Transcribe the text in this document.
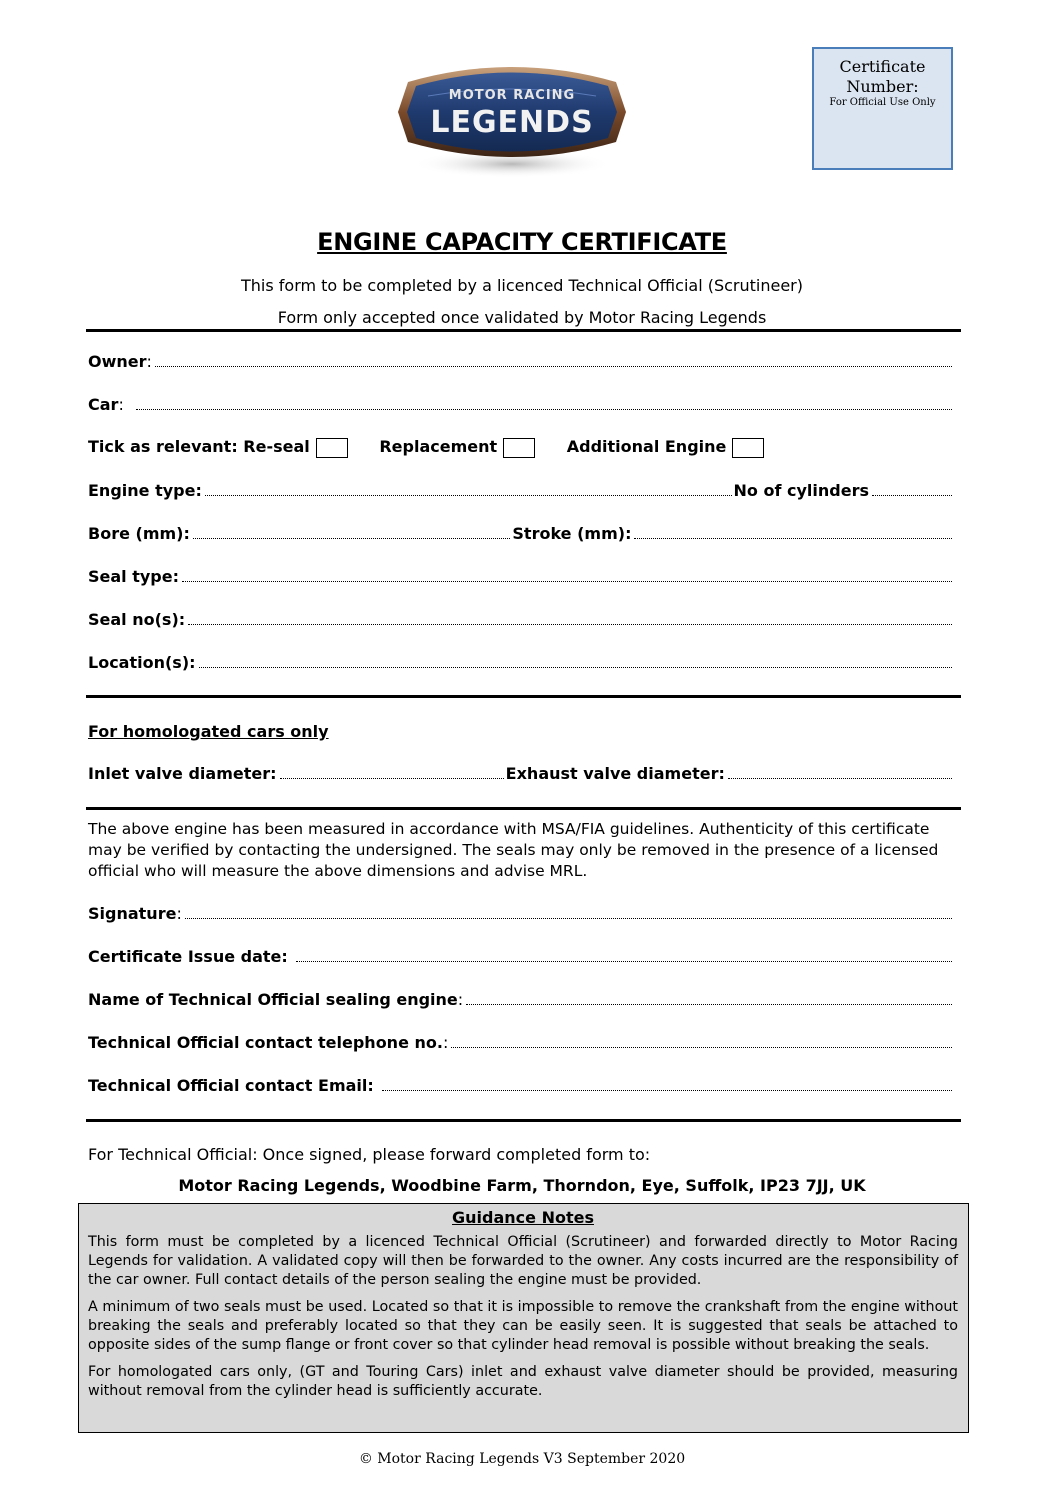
MOTOR RACING
LEGENDS
Certificate
Number:
For Official Use Only
ENGINE CAPACITY CERTIFICATE
This form to be completed by a licenced Technical Official (Scrutineer)
Form only accepted once validated by Motor Racing Legends
Owner :
Car :
Tick as relevant: Re-seal	Replacement	Additional Engine
Engine type:	No of cylinders
Bore (mm):	Stroke (mm):
Seal type:
Seal no(s):
Location(s):
For homologated cars only
Inlet valve diameter:	Exhaust valve diameter:
The above engine has been measured in accordance with MSA/FIA guidelines. Authenticity of this certificate may be verified by contacting the undersigned. The seals may only be removed in the presence of a licensed official who will measure the above dimensions and advise MRL.
Signature :
Certificate Issue date:
Name of Technical Official sealing engine :
Technical Official contact telephone no. :
Technical Official contact Email:
For Technical Official: Once signed, please forward completed form to:
Motor Racing Legends, Woodbine Farm, Thorndon, Eye, Suffolk, IP23 7JJ, UK
Guidance Notes

This form must be completed by a licenced Technical Official (Scrutineer) and forwarded directly to Motor Racing Legends for validation. A validated copy will then be forwarded to the owner. Any costs incurred are the responsibility of the car owner. Full contact details of the person sealing the engine must be provided.

A minimum of two seals must be used. Located so that it is impossible to remove the crankshaft from the engine without breaking the seals and preferably located so that they can be easily seen. It is suggested that seals be attached to opposite sides of the sump flange or front cover so that cylinder head removal is possible without breaking the seals.

For homologated cars only, (GT and Touring Cars) inlet and exhaust valve diameter should be provided, measuring without removal from the cylinder head is sufficiently accurate.

© Motor Racing Legends V3 September 2020
